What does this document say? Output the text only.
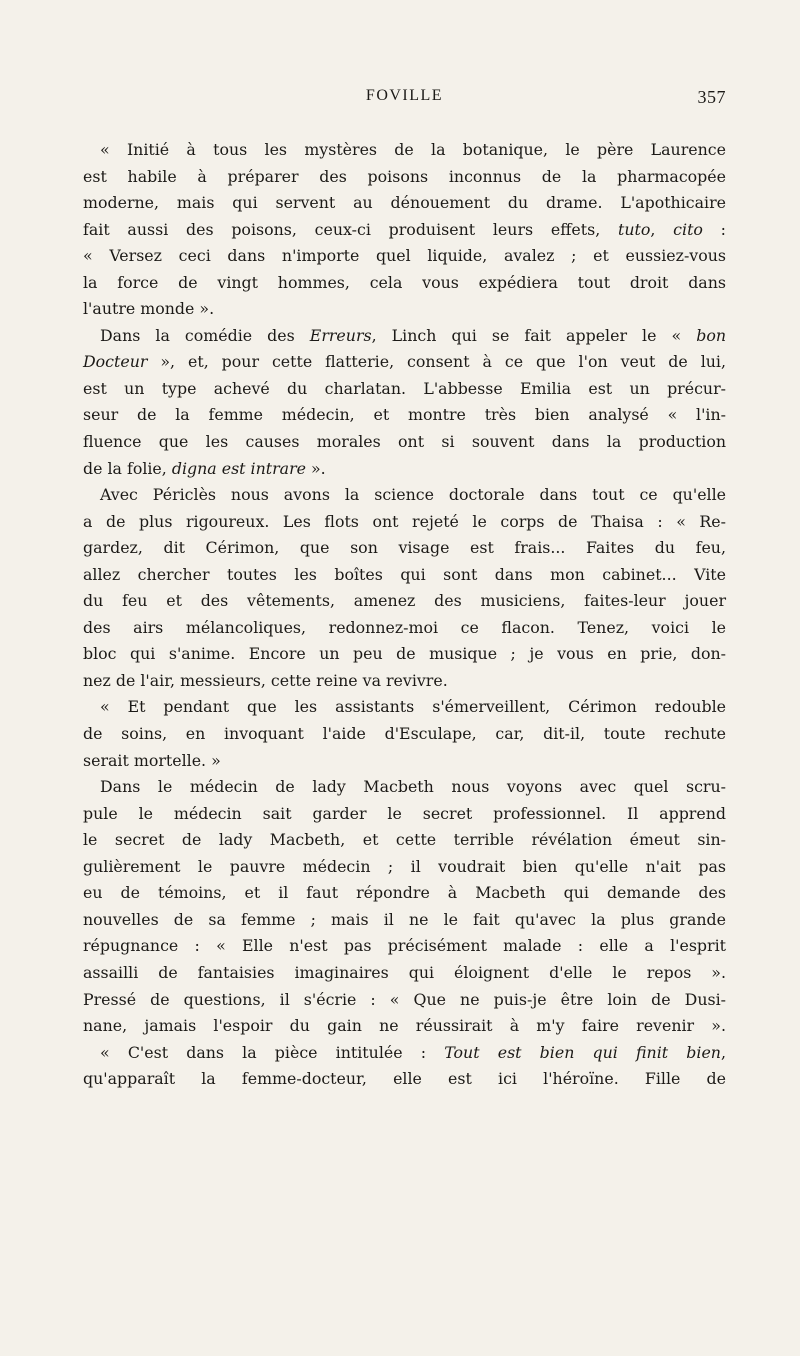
FOVILLE	357
« Initié à tous les mystères de la botanique, le père Laurence
est habile à préparer des poisons inconnus de la pharmacopée
moderne, mais qui servent au dénouement du drame. L'apothicaire
fait aussi des poisons, ceux-ci produisent leurs effets, tuto, cito :
« Versez ceci dans n'importe quel liquide, avalez ; et eussiez-vous
la force de vingt hommes, cela vous expédiera tout droit dans
l'autre monde ».
Dans la comédie des Erreurs, Linch qui se fait appeler le « bon
Docteur », et, pour cette flatterie, consent à ce que l'on veut de lui,
est un type achevé du charlatan. L'abbesse Emilia est un précur-
seur de la femme médecin, et montre très bien analysé « l'in-
fluence que les causes morales ont si souvent dans la production
de la folie, digna est intrare ».
Avec Périclès nous avons la science doctorale dans tout ce qu'elle
a de plus rigoureux. Les flots ont rejeté le corps de Thaisa : « Re-
gardez, dit Cérimon, que son visage est frais... Faites du feu,
allez chercher toutes les boîtes qui sont dans mon cabinet... Vite
du feu et des vêtements, amenez des musiciens, faites-leur jouer
des airs mélancoliques, redonnez-moi ce flacon. Tenez, voici le
bloc qui s'anime. Encore un peu de musique ; je vous en prie, don-
nez de l'air, messieurs, cette reine va revivre.
« Et pendant que les assistants s'émerveillent, Cérimon redouble
de soins, en invoquant l'aide d'Esculape, car, dit-il, toute rechute
serait mortelle. »
Dans le médecin de lady Macbeth nous voyons avec quel scru-
pule le médecin sait garder le secret professionnel. Il apprend
le secret de lady Macbeth, et cette terrible révélation émeut sin-
gulièrement le pauvre médecin ; il voudrait bien qu'elle n'ait pas
eu de témoins, et il faut répondre à Macbeth qui demande des
nouvelles de sa femme ; mais il ne le fait qu'avec la plus grande
répugnance : « Elle n'est pas précisément malade : elle a l'esprit
assailli de fantaisies imaginaires qui éloignent d'elle le repos ».
Pressé de questions, il s'écrie : « Que ne puis-je être loin de Dusi-
nane, jamais l'espoir du gain ne réussirait à m'y faire revenir ».
« C'est dans la pièce intitulée : Tout est bien qui finit bien,
qu'apparaît la femme-docteur, elle est ici l'héroïne. Fille de
